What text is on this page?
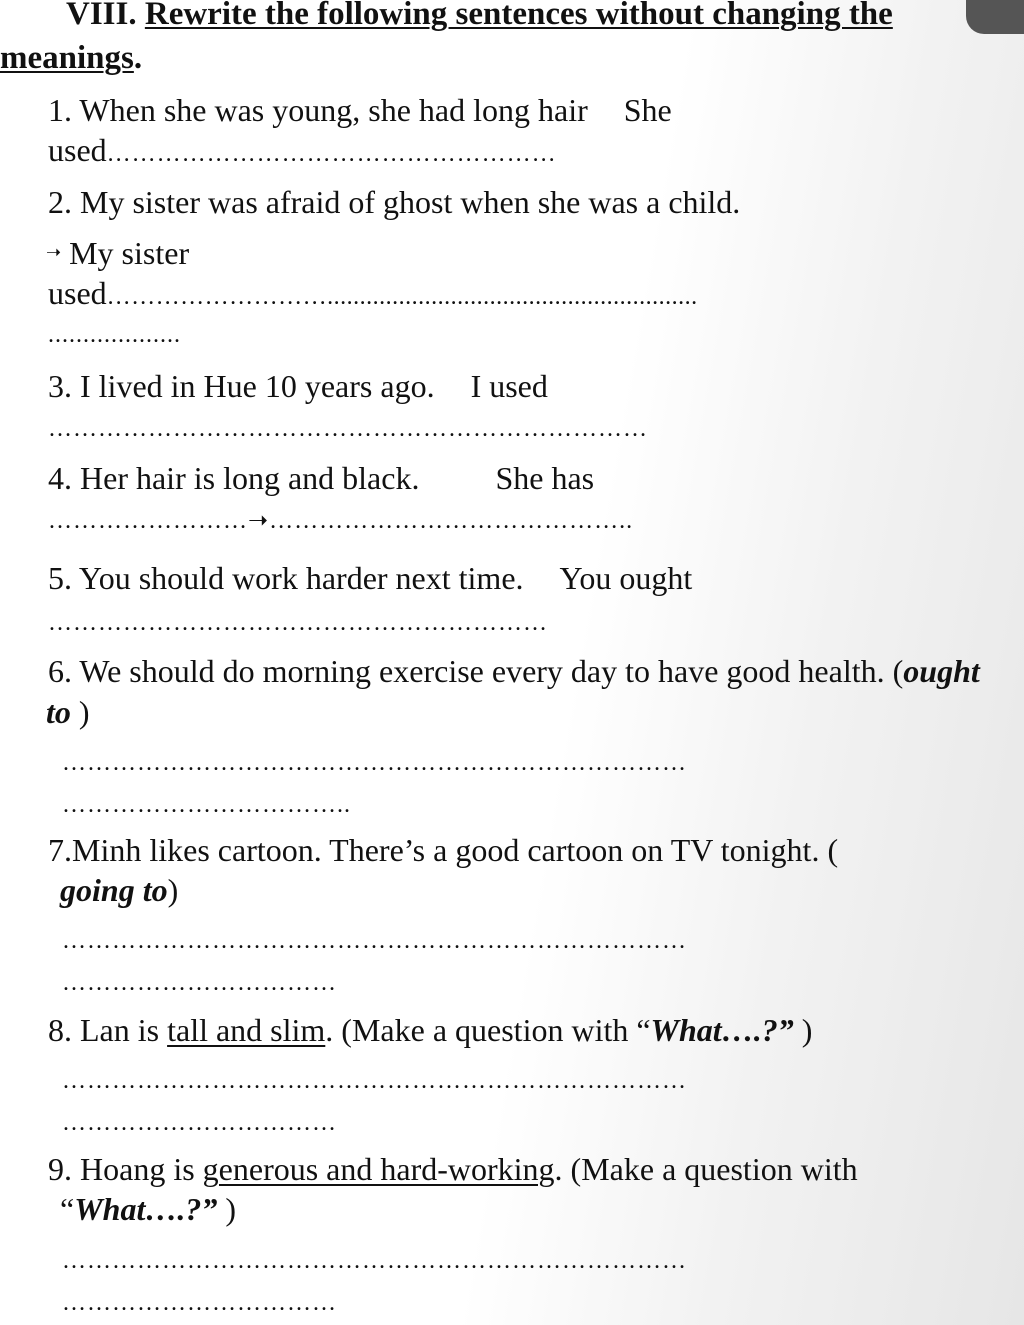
VIII. Rewrite the following sentences without changing the
meanings.
1. When she was young, she had long hair She
used………………………………………………
2. My sister was afraid of ghost when she was a child.
➝ My sister
used……………………….........................................................
...................
3. I lived in Hue 10 years ago. I used
………………………………………………………………
4. Her hair is long and black. She has
……………………➝……………………………………..
5. You should work harder next time. You ought
……………………………………………………
6. We should do morning exercise every day to have good health. (ought
to )
…………………………………………………………………
……………………………..
7.Minh likes cartoon. There’s a good cartoon on TV tonight. (
going to)
…………………………………………………………………
……………………………
8. Lan is tall and slim. (Make a question with “What….?” )
…………………………………………………………………
……………………………
9. Hoang is generous and hard-working. (Make a question with
“What….?” )
…………………………………………………………………
……………………………
